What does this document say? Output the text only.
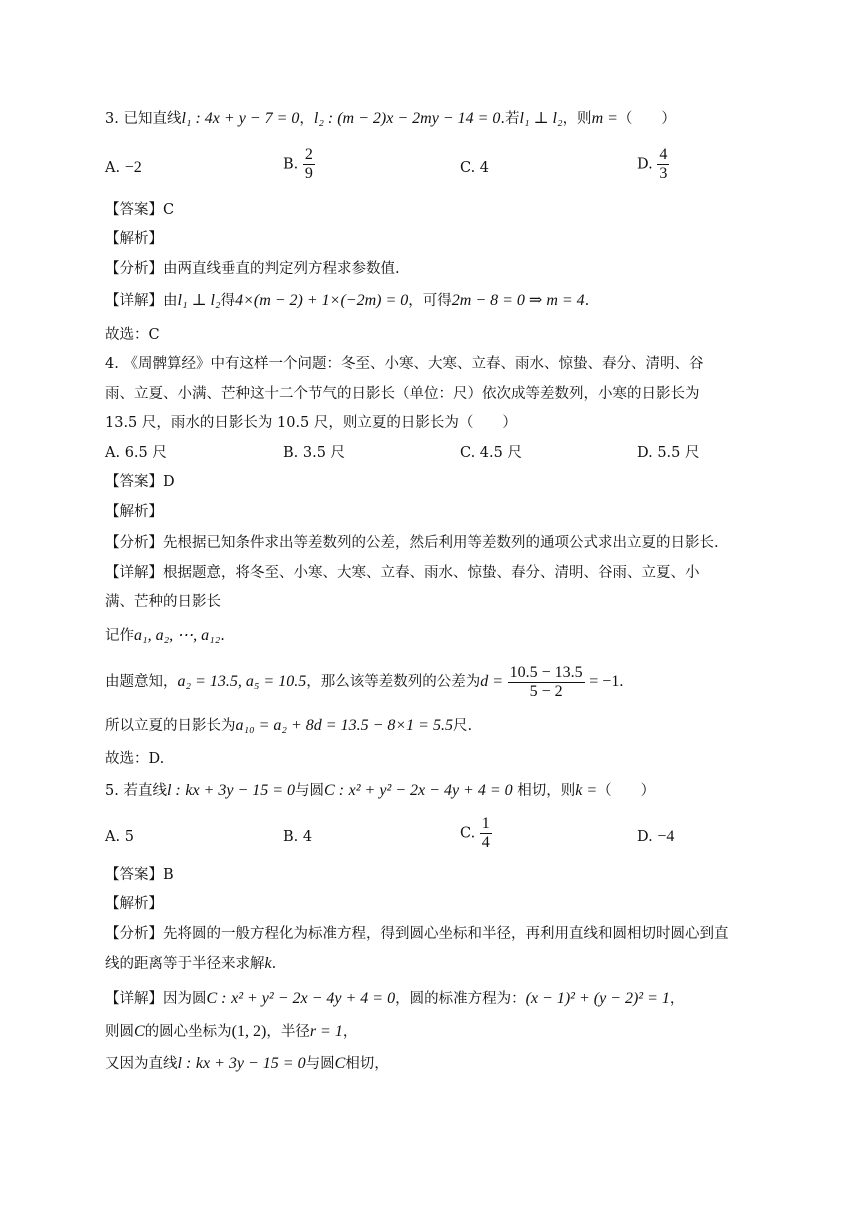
3. 已知直线l₁ : 4x + y − 7 = 0，l₂ : (m − 2)x − 2my − 14 = 0.若l₁ ⊥ l₂，则m =（　　）
A. −2	B. $\frac{2}{9}$	C. 4	D. $\frac{4}{3}$
【答案】C
【解析】
【分析】由两直线垂直的判定列方程求参数值.
【详解】由l₁ ⊥ l₂得4×(m − 2) + 1×(−2m) = 0，可得2m − 8 = 0 ⇒ m = 4.
故选：C
4. 《周髀算经》中有这样一个问题：冬至、小寒、大寒、立春、雨水、惊蛰、春分、清明、谷
雨、立夏、小满、芒种这十二个节气的日影长（单位：尺）依次成等差数列，小寒的日影长为
13.5 尺，雨水的日影长为 10.5 尺，则立夏的日影长为（　　）
A. 6.5 尺	B. 3.5 尺	C. 4.5 尺	D. 5.5 尺
【答案】D
【解析】
【分析】先根据已知条件求出等差数列的公差，然后利用等差数列的通项公式求出立夏的日影长.
【详解】根据题意，将冬至、小寒、大寒、立春、雨水、惊蛰、春分、清明、谷雨、立夏、小
满、芒种的日影长
记作a₁, a₂, ⋯, a₁₂.
由题意知，a₂ = 13.5, a₅ = 10.5，那么该等差数列的公差为$d = \frac{10.5 - 13.5}{5 - 2} = -1$.
所以立夏的日影长为a₁₀ = a₂ + 8d = 13.5 − 8×1 = 5.5尺.
故选：D.
5. 若直线l : kx + 3y − 15 = 0与圆C : x² + y² − 2x − 4y + 4 = 0 相切，则k =（　　）
A. 5	B. 4	C. $\frac{1}{4}$	D. −4
【答案】B
【解析】
【分析】先将圆的一般方程化为标准方程，得到圆心坐标和半径，再利用直线和圆相切时圆心到直
线的距离等于半径来求解k.
【详解】因为圆C : x² + y² − 2x − 4y + 4 = 0，圆的标准方程为：(x − 1)² + (y − 2)² = 1，
则圆C的圆心坐标为(1, 2)，半径r = 1，
又因为直线l : kx + 3y − 15 = 0与圆C相切，
